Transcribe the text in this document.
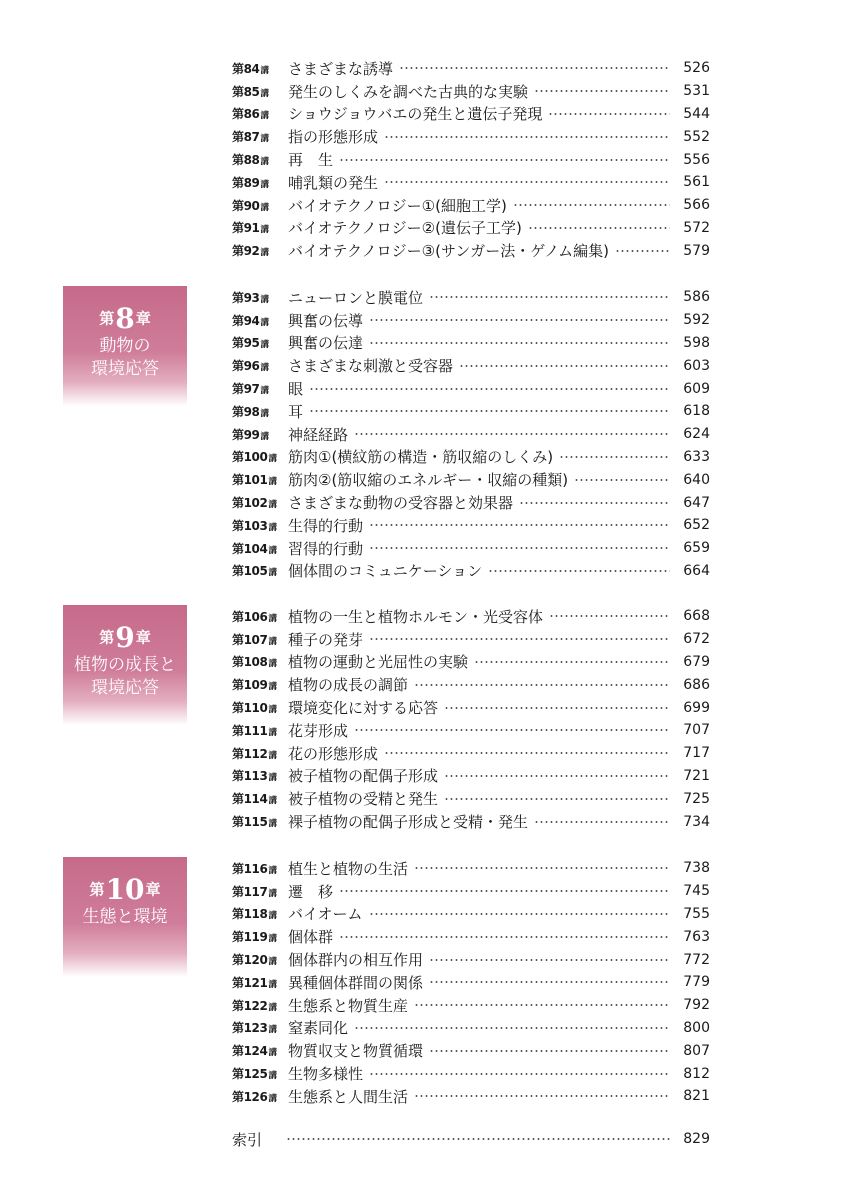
第84講	さまざまな誘導	526
第85講	発生のしくみを調べた古典的な実験	531
第86講	ショウジョウバエの発生と遺伝子発現	544
第87講	指の形態形成	552
第88講	再　生	556
第89講	哺乳類の発生	561
第90講	バイオテクノロジー①(細胞工学)	566
第91講	バイオテクノロジー②(遺伝子工学)	572
第92講	バイオテクノロジー③(サンガー法・ゲノム編集)	579
第93講	ニューロンと膜電位	586
第94講	興奮の伝導	592
第95講	興奮の伝達	598
第96講	さまざまな刺激と受容器	603
第97講	眼	609
第98講	耳	618
第99講	神経経路	624
第100講 筋肉①(横紋筋の構造・筋収縮のしくみ)	633
第101講 筋肉②(筋収縮のエネルギー・収縮の種類)	640
第102講 さまざまな動物の受容器と効果器	647
第103講 生得的行動	652
第104講 習得的行動	659
第105講 個体間のコミュニケーション	664
第8章
動物の
環境応答
第106講 植物の一生と植物ホルモン・光受容体	668
第107講 種子の発芽	672
第108講 植物の運動と光屈性の実験	679
第109講 植物の成長の調節	686
第110講 環境変化に対する応答	699
第111講 花芽形成	707
第112講 花の形態形成	717
第113講 被子植物の配偶子形成	721
第114講 被子植物の受精と発生	725
第115講 裸子植物の配偶子形成と受精・発生	734
第9章
植物の成長と
環境応答
第116講 植生と植物の生活	738
第117講 遷　移	745
第118講 バイオーム	755
第119講 個体群	763
第120講 個体群内の相互作用	772
第121講 異種個体群間の関係	779
第122講 生態系と物質生産	792
第123講 窒素同化	800
第124講 物質収支と物質循環	807
第125講 生物多様性	812
第126講 生態系と人間生活	821
第10章
生態と環境
索引	829
